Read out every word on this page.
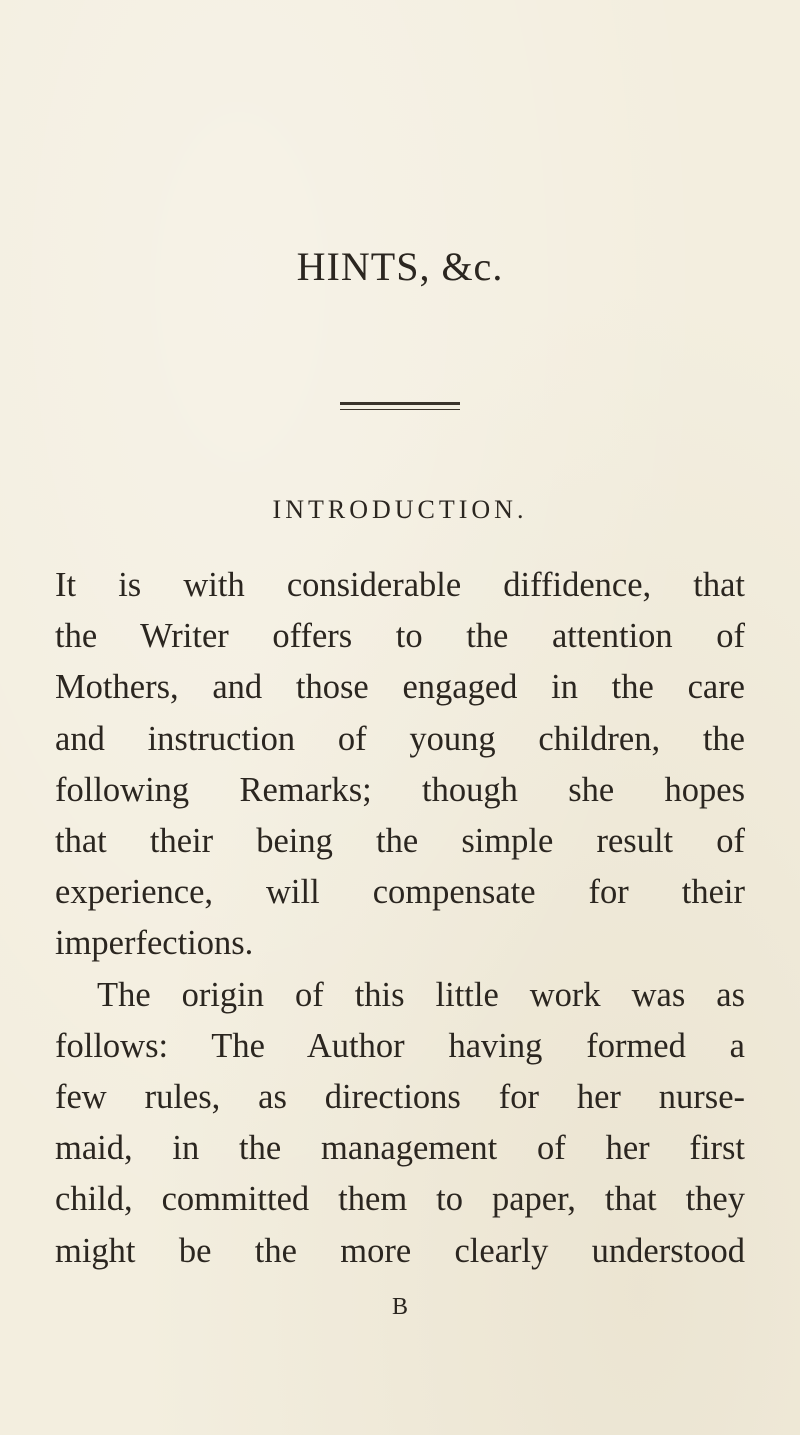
HINTS, &c.
INTRODUCTION.
It is with considerable diffidence, that
the Writer offers to the attention of
Mothers, and those engaged in the care
and instruction of young children, the
following Remarks; though she hopes
that their being the simple result of
experience, will compensate for their
imperfections.
The origin of this little work was as
follows: The Author having formed a
few rules, as directions for her nurse-
maid, in the management of her first
child, committed them to paper, that they
might be the more clearly understood
B
